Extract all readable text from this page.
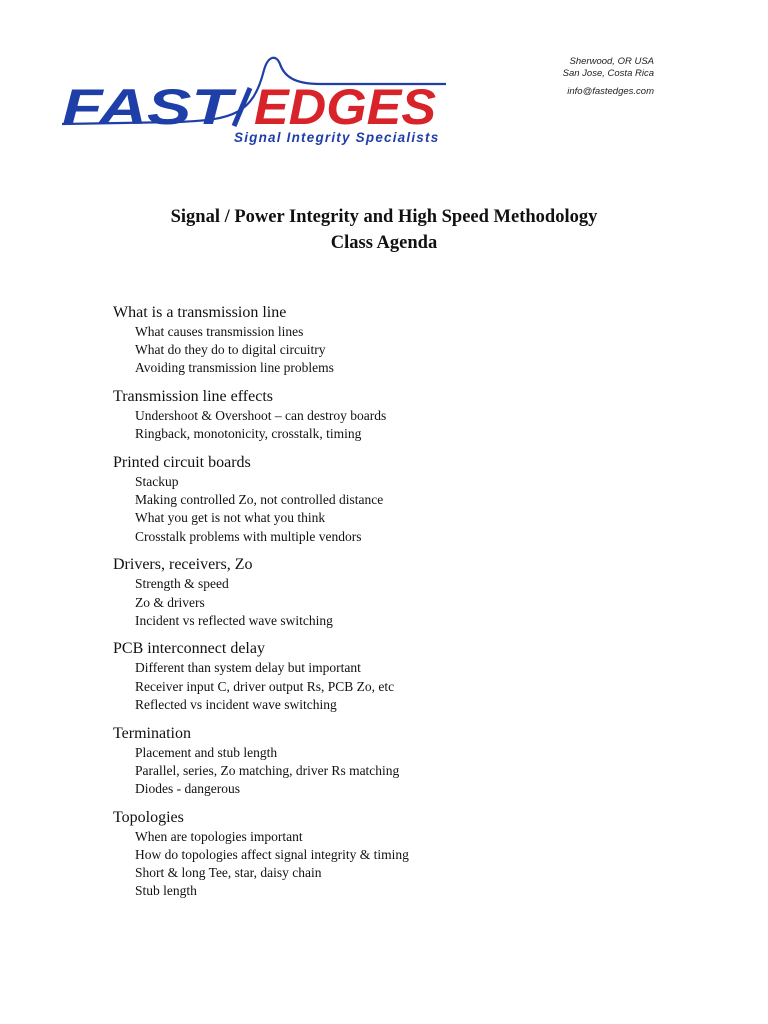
FAST EDGES
Signal Integrity Specialists
Sherwood, OR USA
San Jose, Costa Rica
info@fastedges.com
Signal / Power Integrity and High Speed Methodology
Class Agenda
What is a transmission line
What causes transmission lines
What do they do to digital circuitry
Avoiding transmission line problems
Transmission line effects
Undershoot & Overshoot – can destroy boards
Ringback, monotonicity, crosstalk, timing
Printed circuit boards
Stackup
Making controlled Zo, not controlled distance
What you get is not what you think
Crosstalk problems with multiple vendors
Drivers, receivers, Zo
Strength & speed
Zo & drivers
Incident vs reflected wave switching
PCB interconnect delay
Different than system delay but important
Receiver input C, driver output Rs, PCB Zo, etc
Reflected vs incident wave switching
Termination
Placement and stub length
Parallel, series, Zo matching, driver Rs matching
Diodes - dangerous
Topologies
When are topologies important
How do topologies affect signal integrity & timing
Short & long Tee, star, daisy chain
Stub length
